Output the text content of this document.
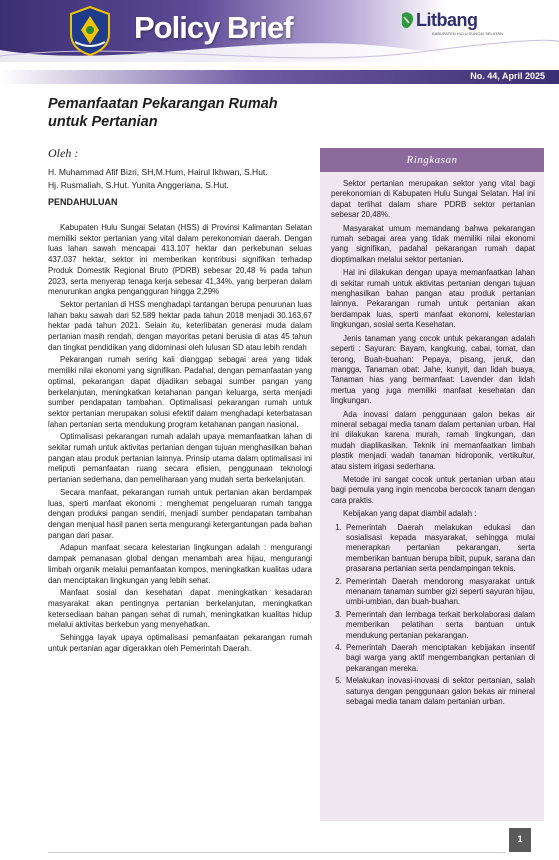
Policy Brief	Litbang
KABUPATEN HULU SUNGAI SELATAN
No. 44, April 2025
Pemanfaatan Pekarangan Rumah
untuk Pertanian
Oleh :
H. Muhammad Afif Bizri, SH,M.Hum, Hairul Ikhwan, S.Hut.
Hj. Rusmaliah, S.Hut. Yunita Anggeriana, S.Hut.
PENDAHULUAN

Kabupaten Hulu Sungai Selatan (HSS) di Provinsi Kalimantan Selatan memiliki sektor pertanian yang vital dalam perekonomian daerah. Dengan luas lahan sawah mencapai 413.107 hektar dan perkebunan seluas 437.037 hektar, sektor ini memberikan kontribusi signifikan terhadap Produk Domestik Regional Bruto (PDRB) sebesar 20,48 % pada tahun 2023, serta menyerap tenaga kerja sebesar 41,34%, yang berperan dalam menurunkan angka pengangguran hingga 2,29%

Sektor pertanian di HSS menghadapi tantangan berupa penurunan luas lahan baku sawah dari 52.589 hektar pada tahun 2018 menjadi 30.163,67 hektar pada tahun 2021. Selain itu, keterlibatan generasi muda dalam pertanian masih rendah, dengan mayoritas petani berusia di atas 45 tahun dan tingkat pendidikan yang didominasi oleh lulusan SD atau lebih rendah

Pekarangan rumah sering kali dianggap sebagai area yang tidak memiliki nilai ekonomi yang signifikan. Padahal, dengan pemanfaatan yang optimal, pekarangan dapat dijadikan sebagai sumber pangan yang berkelanjutan, meningkatkan ketahanan pangan keluarga, serta menjadi sumber pendapatan tambahan. Optimalisasi pekarangan rumah untuk sektor pertanian merupakan solusi efektif dalam menghadapi keterbatasan lahan pertanian serta mendukung program ketahanan pangan nasional.

Optimalisasi pekarangan rumah adalah upaya memanfaatkan lahan di sekitar rumah untuk aktivitas pertanian dengan tujuan menghasilkan bahan pangan atau produk pertanian lainnya. Prinsip utama dalam optimalisasi ini meliputi pemanfaatan ruang secara efisien, penggunaan teknologi pertanian sederhana, dan pemeliharaan yang mudah serta berkelanjutan.

Secara manfaat, pekarangan rumah untuk pertanian akan berdampak luas, sperti manfaat ekonomi : menghemat pengeluaran rumah tangga dengan produksi pangan sendiri, menjadi sumber pendapatan tambahan dengan menjual hasil panen serta mengurangi ketergantungan pada bahan pangan dari pasar.

Adapun manfaat secara kelestarian lingkungan adalah : mengurangi dampak pemanasan global dengan menambah area hijau, mengurangi limbah organik melalui pemanfaatan kompos, meningkatkan kualitas udara dan menciptakan lingkungan yang lebih sehat.

Manfaat sosial dan kesehatan dapat meningkatkan kesadaran masyarakat akan pentingnya pertanian berkelanjutan, meningkatkan ketersediaan bahan pangan sehat di rumah, meningkatkan kualitas hidup melalui aktivitas berkebun yang menyehatkan.

Sehingga layak upaya optimalisasi pemanfaatan pekarangan rumah untuk pertanian agar digerakkan oleh Pemerintah Daerah.

Ringkasan

Sektor pertanian merupakan sektor yang vital bagi perekonomian di Kabupaten Hulu Sungai Selatan. Hal ini dapat terlihat dalam share PDRB sektor pertanian sebesar 20,48%.

Masyarakat umum memandang bahwa pekarangan rumah sebagai area yang tidak memiliki nilai ekonomi yang signifikan, padahal pekarangan rumah dapat dioptimalkan melalui sektor pertanian.

Hal ini dilakukan dengan upaya memanfaatkan lahan di sekitar rumah untuk aktivitas pertanian dengan tujuan menghasilkan bahan pangan atau produk pertanian lainnya. Pekarangan rumah untuk pertanian akan berdampak luas, sperti manfaat ekonomi, kelestarian lingkungan, sosial serta Kesehatan.

Jenis tanaman yang cocok untuk pekarangan adalah seperti : Sayuran: Bayam, kangkung, cabai, tomat, dan terong, Buah-buahan: Pepaya, pisang, jeruk, dan mangga, Tanaman obat: Jahe, kunyit, dan lidah buaya, Tanaman hias yang bermanfaat: Lavender dan lidah mertua yang juga memiliki manfaat kesehatan dan lingkungan.

Ada inovasi dalam penggunaan galon bekas air mineral sebagai media tanam dalam pertanian urban. Hal ini dilakukan karena murah, ramah lingkungan, dan mudah diaplikasikan. Teknik ini memanfaatkan limbah plastik menjadi wadah tanaman hidroponik, vertikultur, atau sistem irigasi sederhana.

Metode ini sangat cocok untuk pertanian urban atau bagi pemula yang ingin mencoba bercocok tanam dengan cara praktis.

Kebijakan yang dapat diambil adalah :

1. Pemerintah Daerah melakukan edukasi dan sosialisasi kepada masyarakat, sehingga mulai menerapkan pertanian pekarangan, serta memberikan bantuan berupa bibit, pupuk, sarana dan prasarana pertanian serta pendampingan teknis.
2. Pemerintah Daerah mendorong masyarakat untuk menanam tanaman sumber gizi seperti sayuran hijau, umbi-umbian, dan buah-buahan.
3. Pemerintah dan lembaga terkait berkolaborasi dalam memberikan pelatihan serta bantuan untuk mendukung pertanian pekarangan.
4. Pemerintah Daerah menciptakan kebijakan insentif bagi warga yang aktif mengembangkan pertanian di pekarangan mereka.
5. Melakukan inovasi-inovasi di sektor pertanian, salah satunya dengan penggunaan galon bekas air mineral sebagai media tanam dalam pertanian urban.
1
